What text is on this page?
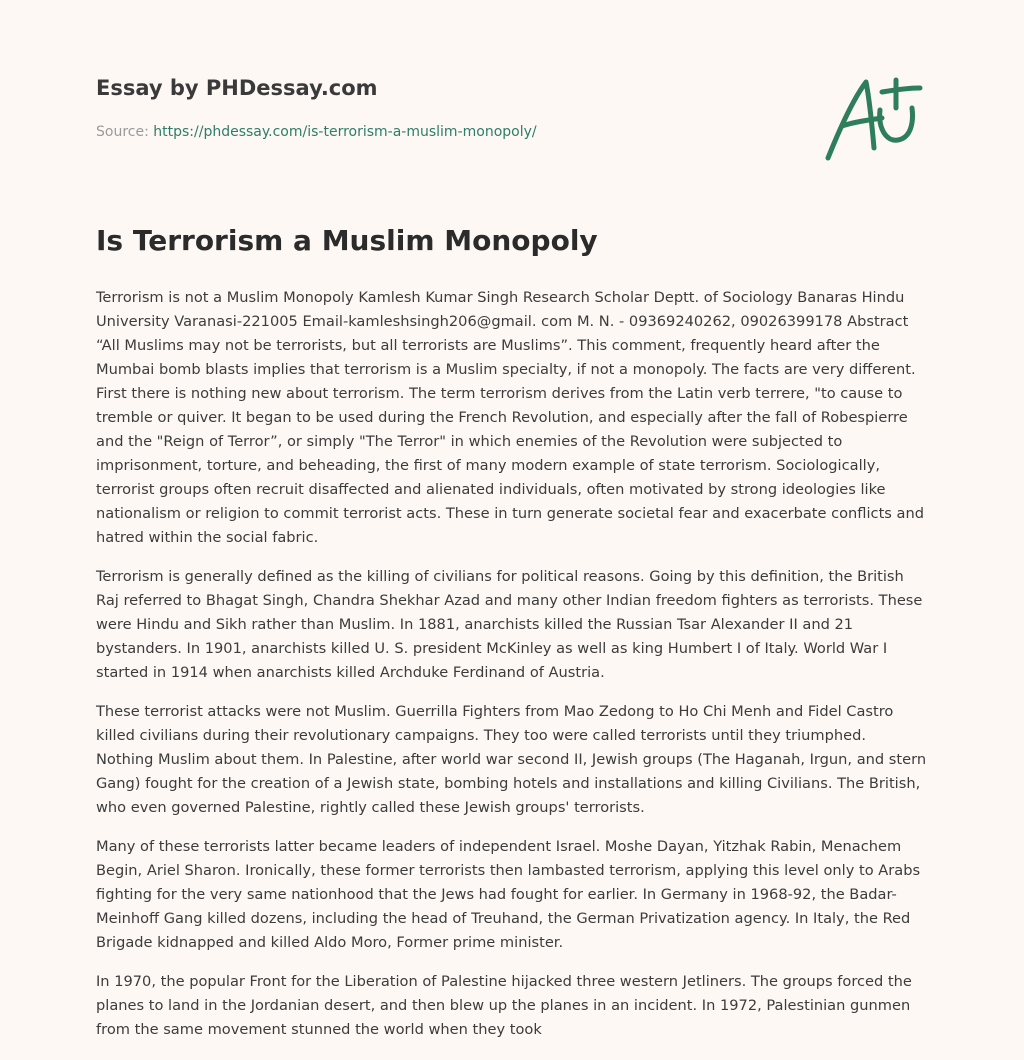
Essay by PHDessay.com
Source: https://phdessay.com/is-terrorism-a-muslim-monopoly/
Is Terrorism a Muslim Monopoly

Terrorism is not a Muslim Monopoly Kamlesh Kumar Singh Research Scholar Deptt. of Sociology Banaras Hindu University Varanasi-221005 Email-kamleshsingh206@gmail. com M. N. - 09369240262, 09026399178 Abstract “All Muslims may not be terrorists, but all terrorists are Muslims”. This comment, frequently heard after the Mumbai bomb blasts implies that terrorism is a Muslim specialty, if not a monopoly. The facts are very different. First there is nothing new about terrorism. The term terrorism derives from the Latin verb terrere, "to cause to tremble or quiver. It began to be used during the French Revolution, and especially after the fall of Robespierre and the "Reign of Terror”, or simply "The Terror" in which enemies of the Revolution were subjected to imprisonment, torture, and beheading, the first of many modern example of state terrorism. Sociologically, terrorist groups often recruit disaffected and alienated individuals, often motivated by strong ideologies like nationalism or religion to commit terrorist acts. These in turn generate societal fear and exacerbate conflicts and hatred within the social fabric.

Terrorism is generally defined as the killing of civilians for political reasons. Going by this definition, the British Raj referred to Bhagat Singh, Chandra Shekhar Azad and many other Indian freedom fighters as terrorists. These were Hindu and Sikh rather than Muslim. In 1881, anarchists killed the Russian Tsar Alexander II and 21 bystanders. In 1901, anarchists killed U. S. president McKinley as well as king Humbert I of Italy. World War I started in 1914 when anarchists killed Archduke Ferdinand of Austria.

These terrorist attacks were not Muslim. Guerrilla Fighters from Mao Zedong to Ho Chi Menh and Fidel Castro killed civilians during their revolutionary campaigns. They too were called terrorists until they triumphed. Nothing Muslim about them. In Palestine, after world war second II, Jewish groups (The Haganah, Irgun, and stern Gang) fought for the creation of a Jewish state, bombing hotels and installations and killing Civilians. The British, who even governed Palestine, rightly called these Jewish groups' terrorists.

Many of these terrorists latter became leaders of independent Israel. Moshe Dayan, Yitzhak Rabin, Menachem Begin, Ariel Sharon. Ironically, these former terrorists then lambasted terrorism, applying this level only to Arabs fighting for the very same nationhood that the Jews had fought for earlier. In Germany in 1968-92, the Badar-Meinhoff Gang killed dozens, including the head of Treuhand, the German Privatization agency. In Italy, the Red Brigade kidnapped and killed Aldo Moro, Former prime minister.

In 1970, the popular Front for the Liberation of Palestine hijacked three western Jetliners. The groups forced the planes to land in the Jordanian desert, and then blew up the planes in an incident. In 1972, Palestinian gunmen from the same movement stunned the world when they took
